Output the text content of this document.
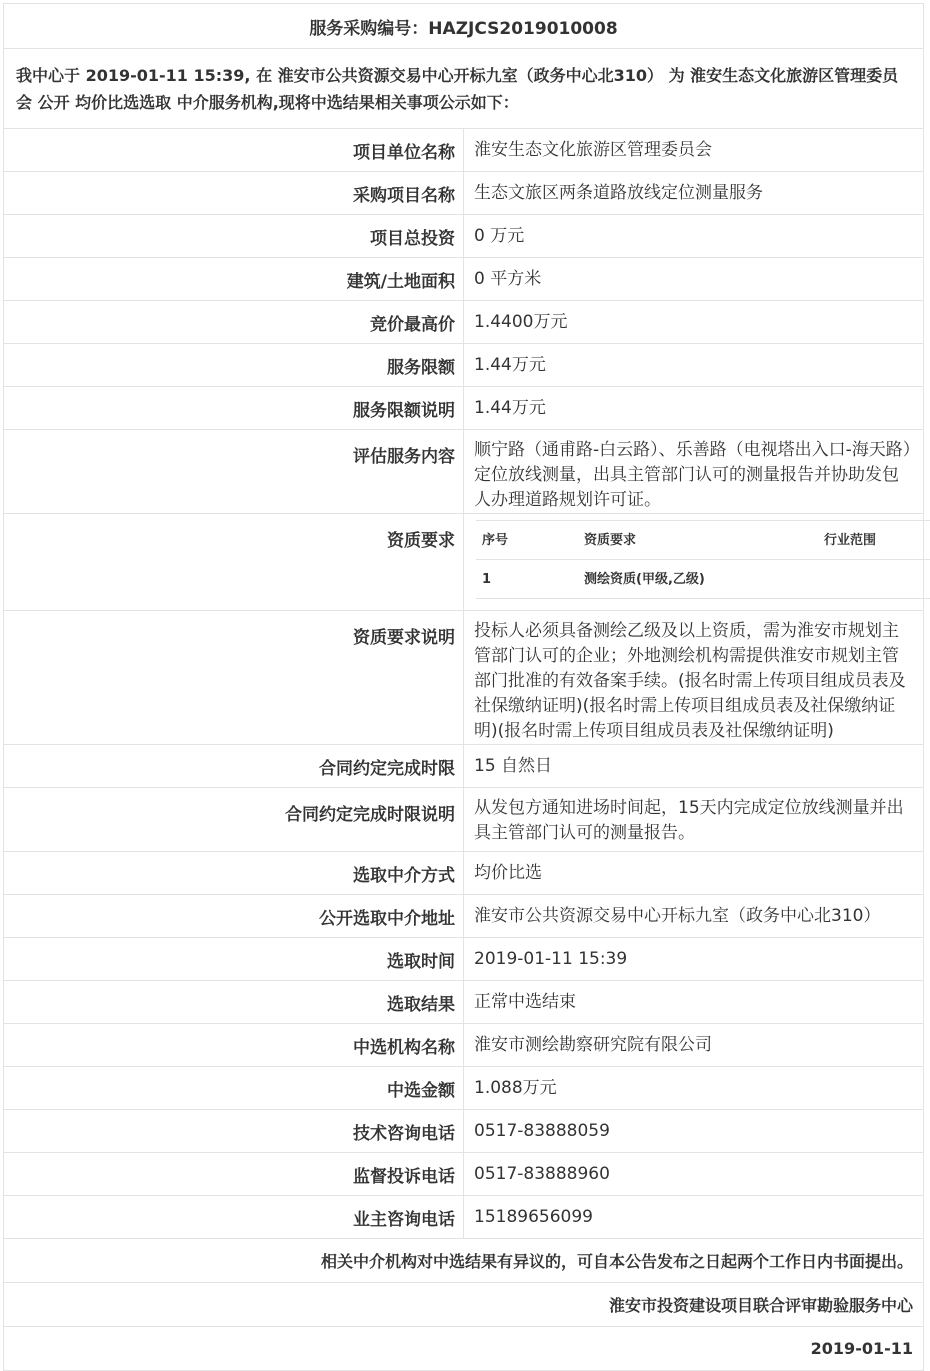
服务采购编号：HAZJCS2019010008
我中心于 2019-01-11 15:39, 在 淮安市公共资源交易中心开标九室（政务中心北310） 为 淮安生态文化旅游区管理委员会 公开 均价比选选取 中介服务机构,现将中选结果相关事项公示如下：
项目单位名称	淮安生态文化旅游区管理委员会
采购项目名称	生态文旅区两条道路放线定位测量服务
项目总投资	0 万元
建筑/土地面积	0 平方米
竞价最高价	1.4400万元
服务限额	1.44万元
服务限额说明	1.44万元
评估服务内容	顺宁路（通甫路-白云路）、乐善路（电视塔出入口-海天路）定位放线测量，出具主管部门认可的测量报告并协助发包人办理道路规划许可证。
资质要求	序号	资质要求	行业范围
1	测绘资质(甲级,乙级)	

资质要求说明	投标人必须具备测绘乙级及以上资质，需为淮安市规划主管部门认可的企业；外地测绘机构需提供淮安市规划主管部门批准的有效备案手续。(报名时需上传项目组成员表及社保缴纳证明)(报名时需上传项目组成员表及社保缴纳证明)(报名时需上传项目组成员表及社保缴纳证明)
合同约定完成时限	15 自然日
合同约定完成时限说明	从发包方通知进场时间起，15天内完成定位放线测量并出具主管部门认可的测量报告。
选取中介方式	均价比选
公开选取中介地址	淮安市公共资源交易中心开标九室（政务中心北310）
选取时间	2019-01-11 15:39
选取结果	正常中选结束
中选机构名称	淮安市测绘勘察研究院有限公司
中选金额	1.088万元
技术咨询电话	0517-83888059
监督投诉电话	0517-83888960
业主咨询电话	15189656099
相关中介机构对中选结果有异议的，可自本公告发布之日起两个工作日内书面提出。
淮安市投资建设项目联合评审勘验服务中心
2019-01-11
